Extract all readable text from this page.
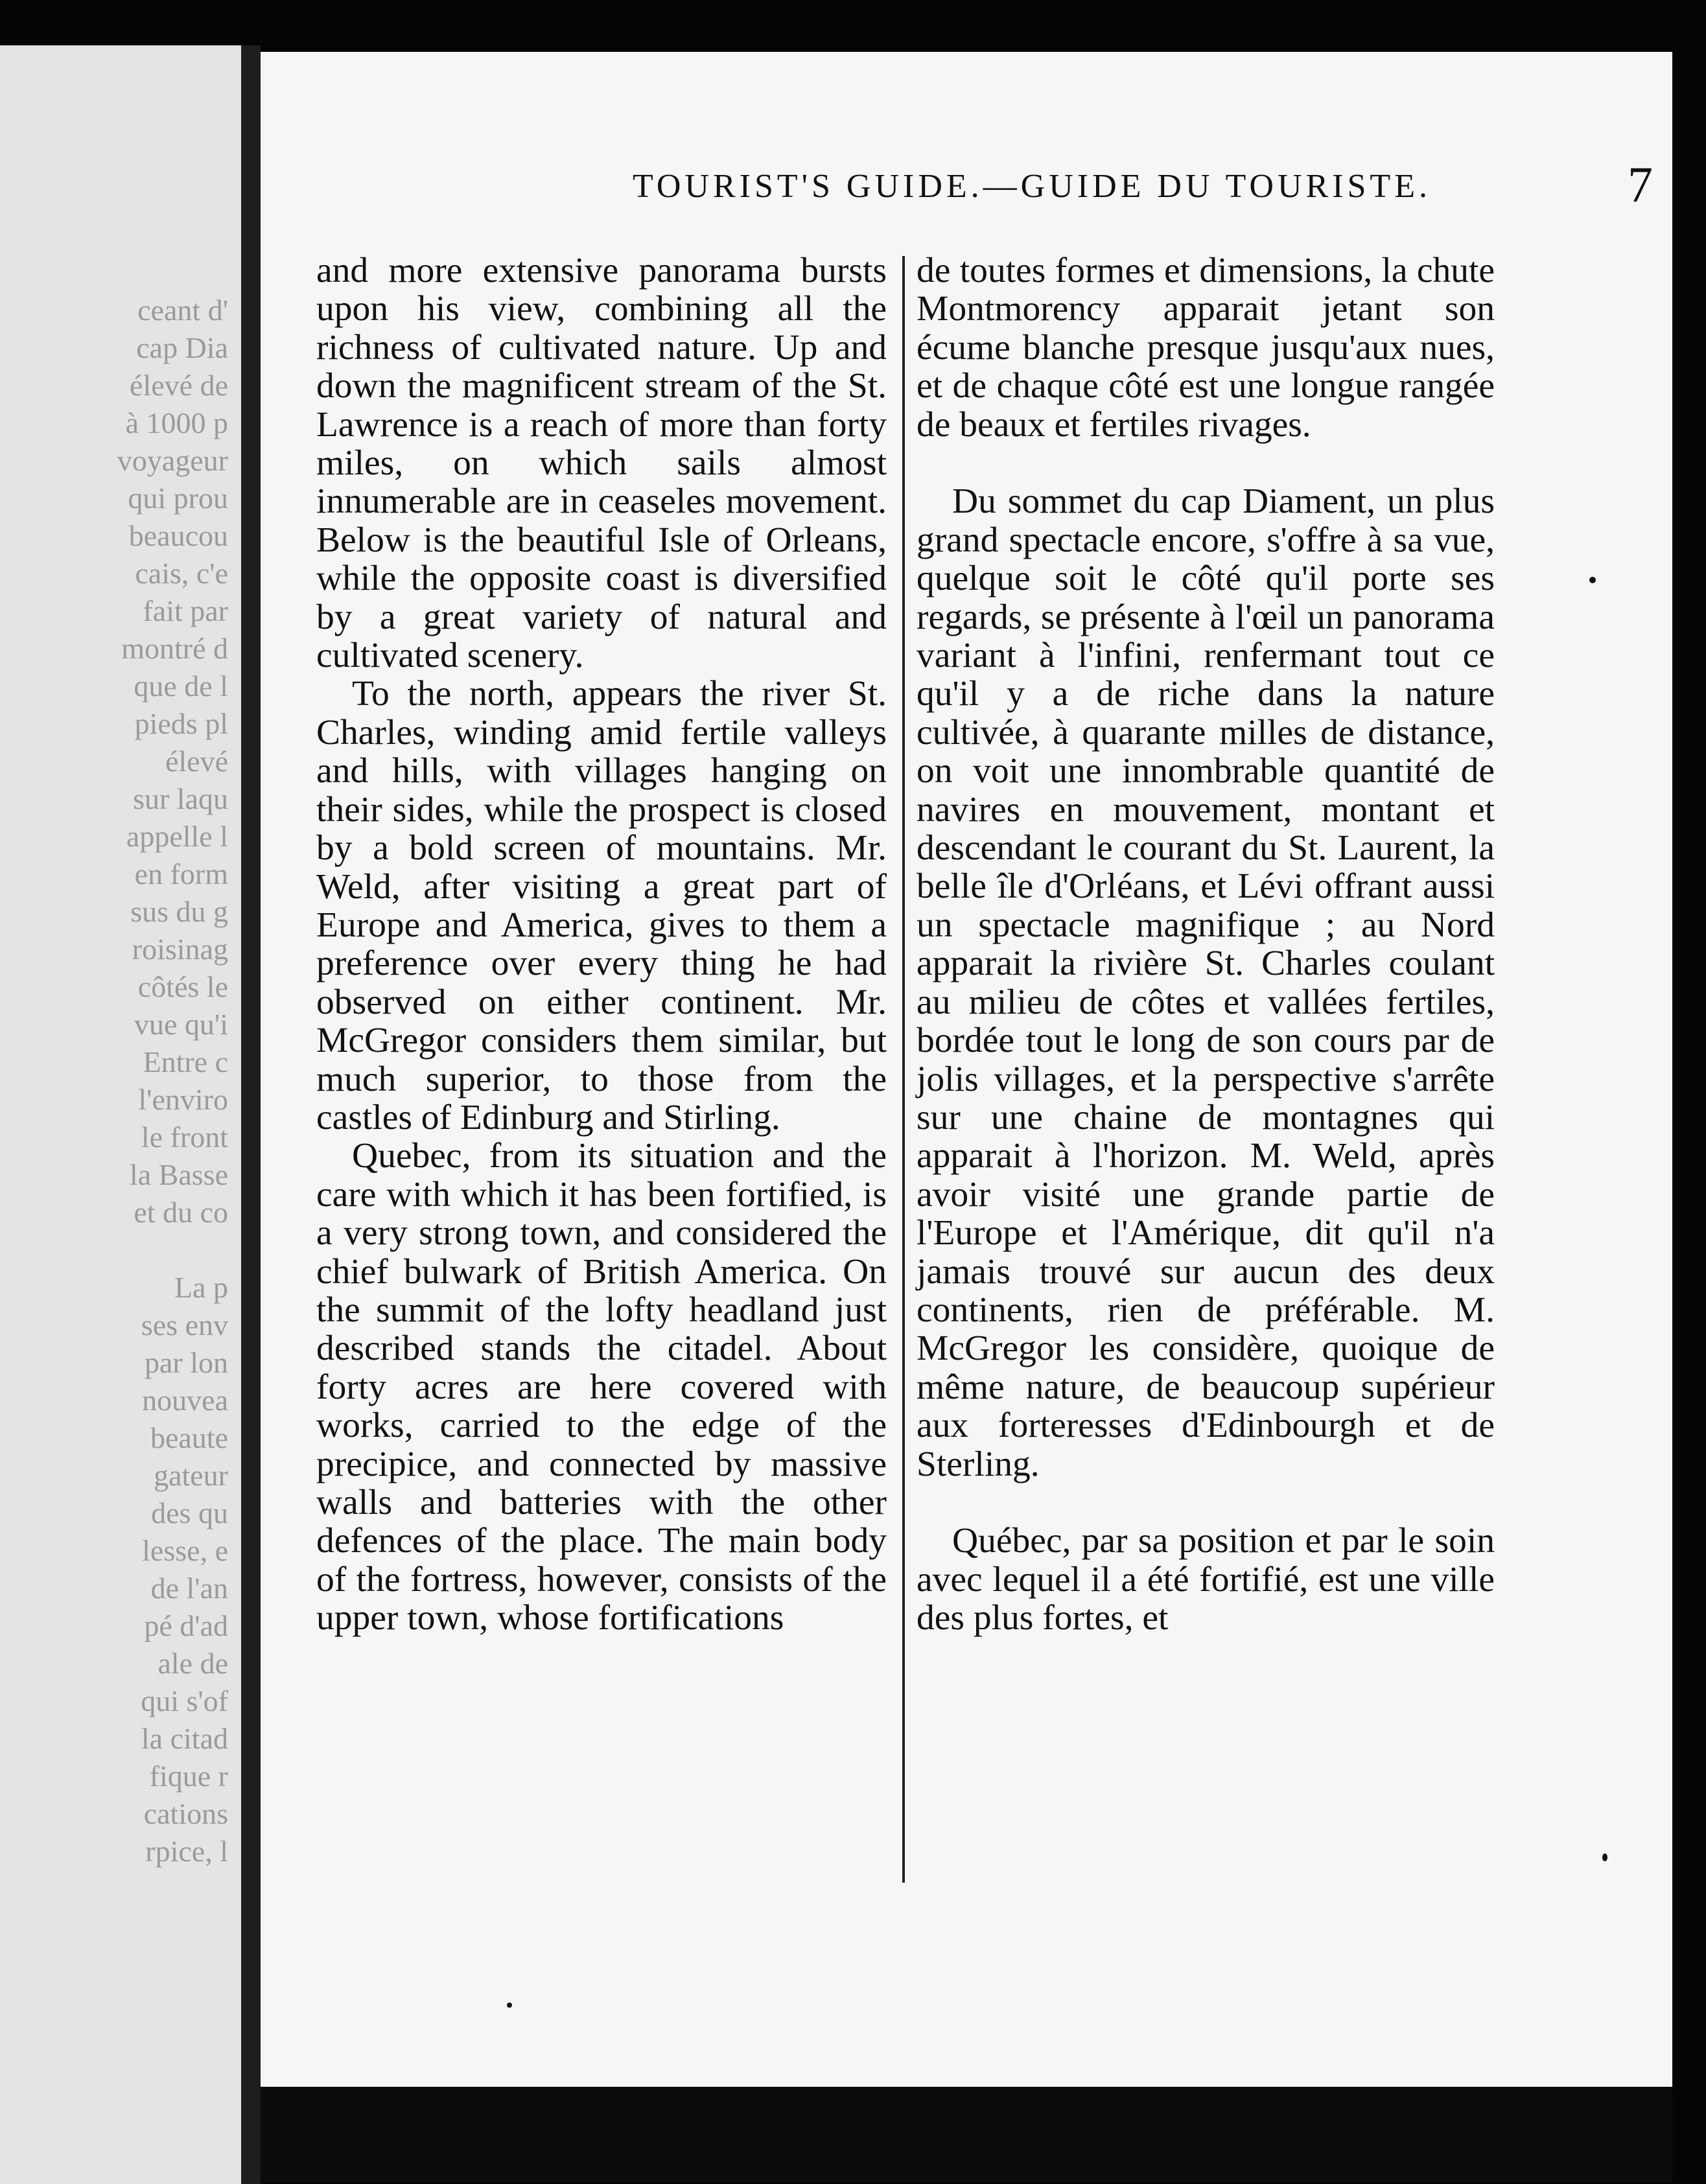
ceant d'
cap Dia
élevé de
à 1000 p
voyageur
qui prou
beaucou
cais, c'e
fait par
montré d
que de l
pieds pl
élevé
sur laqu
appelle l
en form
sus du g
roisinag
côtés le
vue qu'i
Entre c
l'enviro
le front
la Basse
et du co

La p
ses env
par lon
nouvea
beaute
gateur
des qu
lesse, e
de l'an
pé d'ad
ale de
qui s'of
la citad
fique r
cations
rpice, l
TOURIST'S GUIDE.—GUIDE DU TOURISTE.	7

and more extensive panorama bursts upon his view, combining all the richness of cultivated nature. Up and down the magnificent stream of the St. Lawrence is a reach of more than forty miles, on which sails almost innumerable are in ceaseles movement. Below is the beautiful Isle of Orleans, while the opposite coast is diversified by a great variety of natural and cultivated scenery.

To the north, appears the river St. Charles, winding amid fertile valleys and hills, with villages hanging on their sides, while the prospect is closed by a bold screen of mountains. Mr. Weld, after visiting a great part of Europe and America, gives to them a preference over every thing he had observed on either continent. Mr. McGregor considers them similar, but much superior, to those from the castles of Edinburg and Stirling.

Quebec, from its situation and the care with which it has been fortified, is a very strong town, and considered the chief bulwark of British America. On the summit of the lofty headland just described stands the citadel. About forty acres are here covered with works, carried to the edge of the precipice, and connected by massive walls and batteries with the other defences of the place. The main body of the fortress, however, consists of the upper town, whose fortifications

de toutes formes et dimensions, la chute Montmorency apparait jetant son écume blanche presque jusqu'aux nues, et de chaque côté est une longue rangée de beaux et fertiles rivages.

Du sommet du cap Diament, un plus grand spectacle encore, s'offre à sa vue, quelque soit le côté qu'il porte ses regards, se présente à l'œil un panorama variant à l'infini, renfermant tout ce qu'il y a de riche dans la nature cultivée, à quarante milles de distance, on voit une innombrable quantité de navires en mouvement, montant et descendant le courant du St. Laurent, la belle île d'Orléans, et Lévi offrant aussi un spectacle magnifique ; au Nord apparait la rivière St. Charles coulant au milieu de côtes et vallées fertiles, bordée tout le long de son cours par de jolis villages, et la perspective s'arrête sur une chaine de montagnes qui apparait à l'horizon. M. Weld, après avoir visité une grande partie de l'Europe et l'Amérique, dit qu'il n'a jamais trouvé sur aucun des deux continents, rien de préférable. M. McGregor les considère, quoique de même nature, de beaucoup supérieur aux forteresses d'Edinbourgh et de Sterling.

Québec, par sa position et par le soin avec lequel il a été fortifié, est une ville des plus fortes, et
